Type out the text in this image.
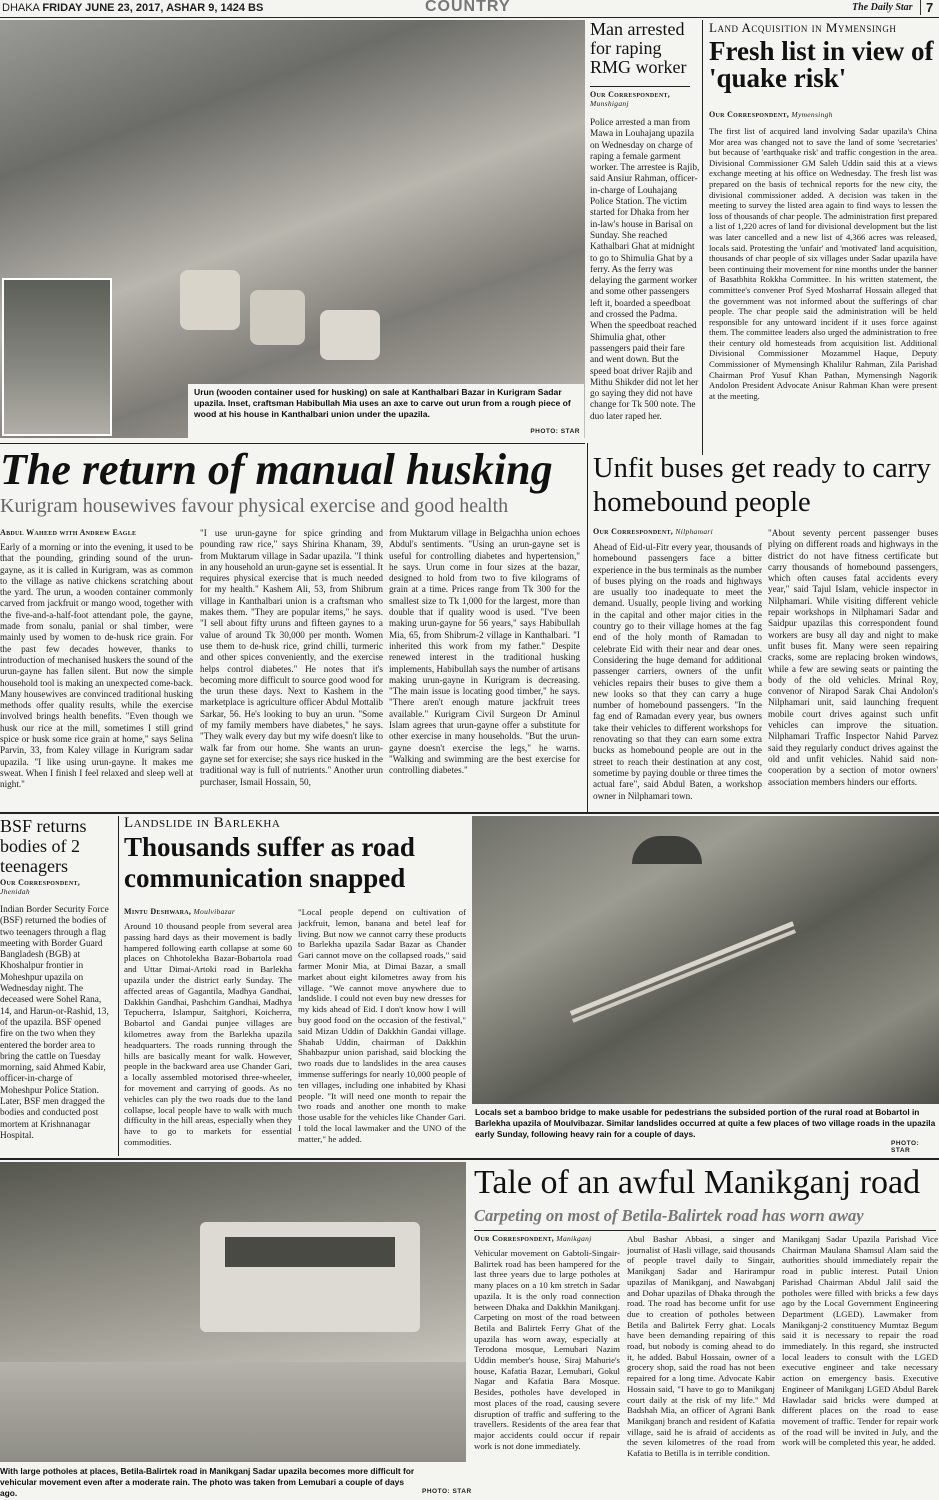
DHAKA FRIDAY JUNE 23, 2017, ASHAR 9, 1424 BS	COUNTRY	The Daily Star	7
Urun (wooden container used for husking) on sale at Kanthalbari Bazar in Kurigram Sadar upazila. Inset, craftsman Habibullah Mia uses an axe to carve out urun from a rough piece of wood at his house in Kanthalbari union under the upazila.
PHOTO: STAR
Man arrested for raping RMG worker
Our Correspondent,
Munshiganj
Police arrested a man from Mawa in Louhajang upazila on Wednesday on charge of raping a female garment worker. The arrestee is Rajib, said Ansiur Rahman, officer-in-charge of Louhajang Police Station. The victim started for Dhaka from her in-law's house in Barisal on Sunday. She reached Kathalbari Ghat at midnight to go to Shimulia Ghat by a ferry. As the ferry was delaying the garment worker and some other passengers left it, boarded a speedboat and crossed the Padma. When the speedboat reached Shimulia ghat, other passengers paid their fare and went down. But the speed boat driver Rajib and Mithu Shikder did not let her go saying they did not have change for Tk 500 note. The duo later raped her.
Land Acquisition in Mymensingh
Fresh list in view of 'quake risk'
Our Correspondent, Mymensingh
The first list of acquired land involving Sadar upazila's China Mor area was changed not to save the land of some 'secretaries' but because of 'earthquake risk' and traffic congestion in the area. Divisional Commissioner GM Saleh Uddin said this at a views exchange meeting at his office on Wednesday. The fresh list was prepared on the basis of technical reports for the new city, the divisional commissioner added. A decision was taken in the meeting to survey the listed area again to find ways to lessen the loss of thousands of char people. The administration first prepared a list of 1,220 acres of land for divisional development but the list was later cancelled and a new list of 4,366 acres was released, locals said. Protesting the 'unfair' and 'motivated' land acquisition, thousands of char people of six villages under Sadar upazila have been continuing their movement for nine months under the banner of Basatbhita Rokkha Committee. In his written statement, the committee's convener Prof Syed Mosharraf Hossain alleged that the government was not informed about the sufferings of char people. The char people said the administration will be held responsible for any untoward incident if it uses force against them. The committee leaders also urged the administration to free their century old homesteads from acquisition list. Additional Divisional Commissioner Mozammel Haque, Deputy Commissioner of Mymensingh Khalilur Rahman, Zila Parishad Chairman Prof Yusuf Khan Pathan, Mymensingh Nagorik Andolon President Advocate Anisur Rahman Khan were present at the meeting.
The return of manual husking
Kurigram housewives favour physical exercise and good health
Abdul Waheed with Andrew Eagle
Early of a morning or into the evening, it used to be that the pounding, grinding sound of the urun-gayne, as it is called in Kurigram, was as common to the village as native chickens scratching about the yard. The urun, a wooden container commonly carved from jackfruit or mango wood, together with the five-and-a-half-foot attendant pole, the gayne, made from sonalu, panial or shal timber, were mainly used by women to de-husk rice grain. For the past few decades however, thanks to introduction of mechanised huskers the sound of the urun-gayne has fallen silent. But now the simple household tool is making an unexpected come-back. Many housewives are convinced traditional husking methods offer quality results, while the exercise involved brings health benefits. "Even though we husk our rice at the mill, sometimes I still grind spice or husk some rice grain at home," says Selina Parvin, 33, from Kaley village in Kurigram sadar upazila. "I like using urun-gayne. It makes me sweat. When I finish I feel relaxed and sleep well at night."
"I use urun-gayne for spice grinding and pounding raw rice," says Shirina Khanam, 39, from Muktarum village in Sadar upazila. "I think in any household an urun-gayne set is essential. It requires physical exercise that is much needed for my health." Kashem Ali, 53, from Shibrum village in Kanthalbari union is a craftsman who makes them. "They are popular items," he says. "I sell about fifty uruns and fifteen gaynes to a value of around Tk 30,000 per month. Women use them to de-husk rice, grind chilli, turmeric and other spices conveniently, and the exercise helps control diabetes." He notes that it's becoming more difficult to source good wood for the urun these days. Next to Kashem in the marketplace is agriculture officer Abdul Mottalib Sarkar, 56. He's looking to buy an urun. "Some of my family members have diabetes," he says. "They walk every day but my wife doesn't like to walk far from our home. She wants an urun-gayne set for exercise; she says rice husked in the traditional way is full of nutrients." Another urun purchaser, Ismail Hossain, 50,
from Muktarum village in Belgachha union echoes Abdul's sentiments. "Using an urun-gayne set is useful for controlling diabetes and hypertension," he says. Urun come in four sizes at the bazar, designed to hold from two to five kilograms of grain at a time. Prices range from Tk 300 for the smallest size to Tk 1,000 for the largest, more than double that if quality wood is used. "I've been making urun-gayne for 56 years," says Habibullah Mia, 65, from Shibrum-2 village in Kanthalbari. "I inherited this work from my father." Despite renewed interest in the traditional husking implements, Habibullah says the number of artisans making urun-gayne in Kurigram is decreasing. "The main issue is locating good timber," he says. "There aren't enough mature jackfruit trees available." Kurigram Civil Surgeon Dr Aminul Islam agrees that urun-gayne offer a substitute for other exercise in many households. "But the urun-gayne doesn't exercise the legs," he warns. "Walking and swimming are the best exercise for controlling diabetes."
Unfit buses get ready to carry homebound people
Our Correspondent, Nilphamari
Ahead of Eid-ul-Fitr every year, thousands of homebound passengers face a bitter experience in the bus terminals as the number of buses plying on the roads and highways are usually too inadequate to meet the demand. Usually, people living and working in the capital and other major cities in the country go to their village homes at the fag end of the holy month of Ramadan to celebrate Eid with their near and dear ones. Considering the huge demand for additional passenger carriers, owners of the unfit vehicles repairs their buses to give them a new looks so that they can carry a huge number of homebound passengers. "In the fag end of Ramadan every year, bus owners take their vehicles to different workshops for renovating so that they can earn some extra bucks as homebound people are out in the street to reach their destination at any cost, sometime by paying double or three times the actual fare", said Abdul Baten, a workshop owner in Nilphamari town.
"About seventy percent passenger buses plying on different roads and highways in the district do not have fitness certificate but carry thousands of homebound passengers, which often causes fatal accidents every year," said Tajul Islam, vehicle inspector in Nilphamari. While visiting different vehicle repair workshops in Nilphamari Sadar and Saidpur upazilas this correspondent found workers are busy all day and night to make unfit buses fit. Many were seen repairing cracks, some are replacing broken windows, while a few are sewing seats or painting the body of the old vehicles. Mrinal Roy, convenor of Nirapod Sarak Chai Andolon's Nilphamari unit, said launching frequent mobile court drives against such unfit vehicles can improve the situation. Nilphamari Traffic Inspector Nahid Parvez said they regularly conduct drives against the old and unfit vehicles. Nahid said non-cooperation by a section of motor owners' association members hinders our efforts.
BSF returns bodies of 2 teenagers
Our Correspondent,
Jhenidah
Indian Border Security Force (BSF) returned the bodies of two teenagers through a flag meeting with Border Guard Bangladesh (BGB) at Khoshalpur frontier in Moheshpur upazila on Wednesday night. The deceased were Sohel Rana, 14, and Harun-or-Rashid, 13, of the upazila. BSF opened fire on the two when they entered the border area to bring the cattle on Tuesday morning, said Ahmed Kabir, officer-in-charge of Moheshpur Police Station. Later, BSF men dragged the bodies and conducted post mortem at Krishnanagar Hospital.
Landslide in Barlekha
Thousands suffer as road communication snapped
Mintu Deshwara, Moulvibazar
Around 10 thousand people from several area passing hard days as their movement is badly hampered following earth collapse at some 60 places on Chhotolekha Bazar-Bobartola road and Uttar Dimai-Artoki road in Barlekha upazila under the district early Sunday. The affected areas of Gagantila, Madhya Gandhai, Dakkhin Gandhai, Pashchim Gandhai, Madhya Tepucherra, Islampur, Saitghori, Koicherra, Bobartol and Gandai punjee villages are kilometres away from the Barlekha upazila headquarters. The roads running through the hills are basically meant for walk. However, people in the backward area use Chander Gari, a locally assembled motorised three-wheeler, for movement and carrying of goods. As no vehicles can ply the two roads due to the land collapse, local people have to walk with much difficulty in the hill areas, especially when they have to go to markets for essential commodities.
"Local people depend on cultivation of jackfruit, lemon, banana and betel leaf for living. But now we cannot carry these products to Barlekha upazila Sadar Bazar as Chander Gari cannot move on the collapsed roads," said farmer Monir Mia, at Dimai Bazar, a small market about eight kilometres away from his village. "We cannot move anywhere due to landslide. I could not even buy new dresses for my kids ahead of Eid. I don't know how I will buy good food on the occasion of the festival," said Mizan Uddin of Dakkhin Gandai village. Shahab Uddin, chairman of Dakkhin Shahbazpur union parishad, said blocking the two roads due to landslides in the area causes immense sufferings for nearly 10,000 people of ten villages, including one inhabited by Khasi people. "It will need one month to repair the two roads and another one month to make those usable for the vehicles like Chander Gari. I told the local lawmaker and the UNO of the matter," he added.
Locals set a bamboo bridge to make usable for pedestrians the subsided portion of the rural road at Bobartol in Barlekha upazila of Moulvibazar. Similar landslides occurred at quite a few places of two village roads in the upazila early Sunday, following heavy rain for a couple of days.
PHOTO: STAR
With large potholes at places, Betila-Balirtek road in Manikganj Sadar upazila becomes more difficult for vehicular movement even after a moderate rain. The photo was taken from Lemubari a couple of days ago.	PHOTO: STAR
Tale of an awful Manikganj road
Carpeting on most of Betila-Balirtek road has worn away
Our Correspondent, Manikganj
Vehicular movement on Gabtoli-Singair-Balirtek road has been hampered for the last three years due to large potholes at many places on a 10 km stretch in Sadar upazila. It is the only road connection between Dhaka and Dakkhin Manikganj. Carpeting on most of the road between Betila and Balirtek Ferry Ghat of the upazila has worn away, especially at Terodona mosque, Lemubari Nazim Uddin member's house, Siraj Mahurie's house, Kafatia Bazar, Lemubari, Gokul Nagar and Kafatia Bara Mosque. Besides, potholes have developed in most places of the road, causing severe disruption of traffic and suffering to the travellers. Residents of the area fear that major accidents could occur if repair work is not done immediately.
Abul Bashar Abbasi, a singer and journalist of Hasli village, said thousands of people travel daily to Singair, Manikganj Sadar and Harirampur upazilas of Manikganj, and Nawabganj and Dohar upazilas of Dhaka through the road. The road has become unfit for use due to creation of potholes between Betila and Balirtek Ferry ghat. Locals have been demanding repairing of this road, but nobody is coming ahead to do it, he added. Babul Hossain, owner of a grocery shop, said the road has not been repaired for a long time. Advocate Kabir Hossain said, "I have to go to Manikganj court daily at the risk of my life." Md Badshah Mia, an officer of Agrani Bank Manikganj branch and resident of Kafatia village, said he is afraid of accidents as the seven kilometres of the road from Kafatia to Betilla is in terrible condition.
Manikganj Sadar Upazila Parishad Vice Chairman Maulana Shamsul Alam said the authorities should immediately repair the road in public interest. Putail Union Parishad Chairman Abdul Jalil said the potholes were filled with bricks a few days ago by the Local Government Engineering Department (LGED). Lawmaker from Manikganj-2 constituency Mumtaz Begum said it is necessary to repair the road immediately. In this regard, she instructed local leaders to consult with the LGED executive engineer and take necessary action on emergency basis. Executive Engineer of Manikganj LGED Abdul Barek Hawladar said bricks were dumped at different places on the road to ease movement of traffic. Tender for repair work of the road will be invited in July, and the work will be completed this year, he added.
